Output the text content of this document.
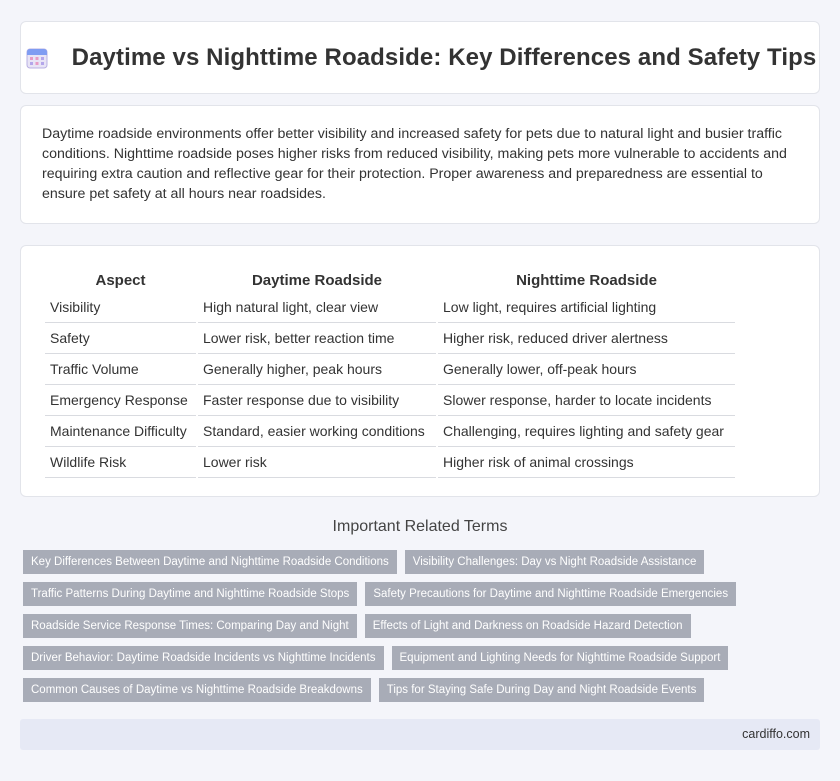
Daytime vs Nighttime Roadside: Key Differences and Safety Tips

Daytime roadside environments offer better visibility and increased safety for pets due to natural light and busier traffic conditions. Nighttime roadside poses higher risks from reduced visibility, making pets more vulnerable to accidents and requiring extra caution and reflective gear for their protection. Proper awareness and preparedness are essential to ensure pet safety at all hours near roadsides.

Aspect	Daytime Roadside	Nighttime Roadside
Visibility	High natural light, clear view	Low light, requires artificial lighting
Safety	Lower risk, better reaction time	Higher risk, reduced driver alertness
Traffic Volume	Generally higher, peak hours	Generally lower, off-peak hours
Emergency Response	Faster response due to visibility	Slower response, harder to locate incidents
Maintenance Difficulty	Standard, easier working conditions	Challenging, requires lighting and safety gear
Wildlife Risk	Lower risk	Higher risk of animal crossings
Important Related Terms
Key Differences Between Daytime and Nighttime Roadside Conditions	Visibility Challenges: Day vs Night Roadside Assistance
Traffic Patterns During Daytime and Nighttime Roadside Stops	Safety Precautions for Daytime and Nighttime Roadside Emergencies
Roadside Service Response Times: Comparing Day and Night	Effects of Light and Darkness on Roadside Hazard Detection
Driver Behavior: Daytime Roadside Incidents vs Nighttime Incidents	Equipment and Lighting Needs for Nighttime Roadside Support
Common Causes of Daytime vs Nighttime Roadside Breakdowns	Tips for Staying Safe During Day and Night Roadside Events
cardiffo.com
